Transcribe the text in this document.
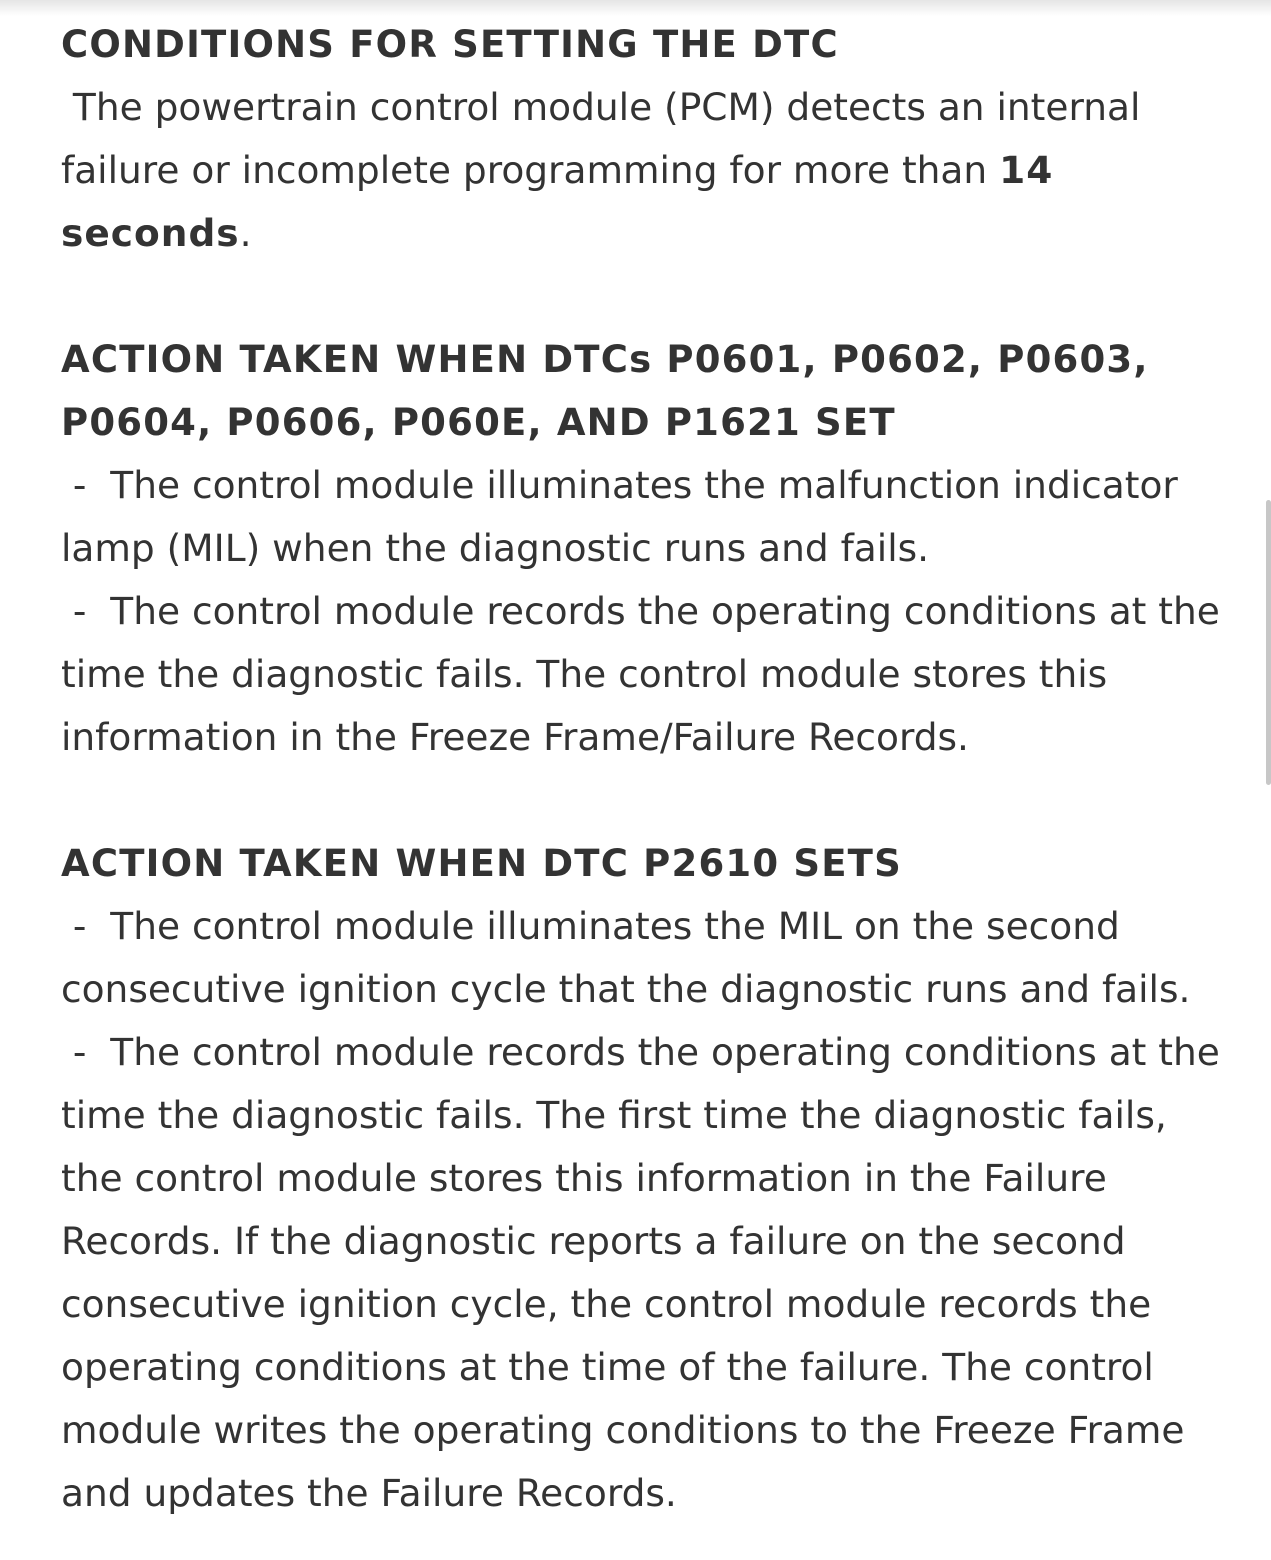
CONDITIONS FOR SETTING THE DTC

The powertrain control module (PCM) detects an internal failure or incomplete programming for more than 14 seconds.

ACTION TAKEN WHEN DTCs P0601, P0602, P0603, P0604, P0606, P060E, AND P1621 SET

-  The control module illuminates the malfunction indicator lamp (MIL) when the diagnostic runs and fails.

-  The control module records the operating conditions at the time the diagnostic fails. The control module stores this information in the Freeze Frame/Failure Records.

ACTION TAKEN WHEN DTC P2610 SETS

-  The control module illuminates the MIL on the second consecutive ignition cycle that the diagnostic runs and fails.

-  The control module records the operating conditions at the time the diagnostic fails. The first time the diagnostic fails, the control module stores this information in the Failure Records. If the diagnostic reports a failure on the second consecutive ignition cycle, the control module records the operating conditions at the time of the failure. The control module writes the operating conditions to the Freeze Frame and updates the Failure Records.
